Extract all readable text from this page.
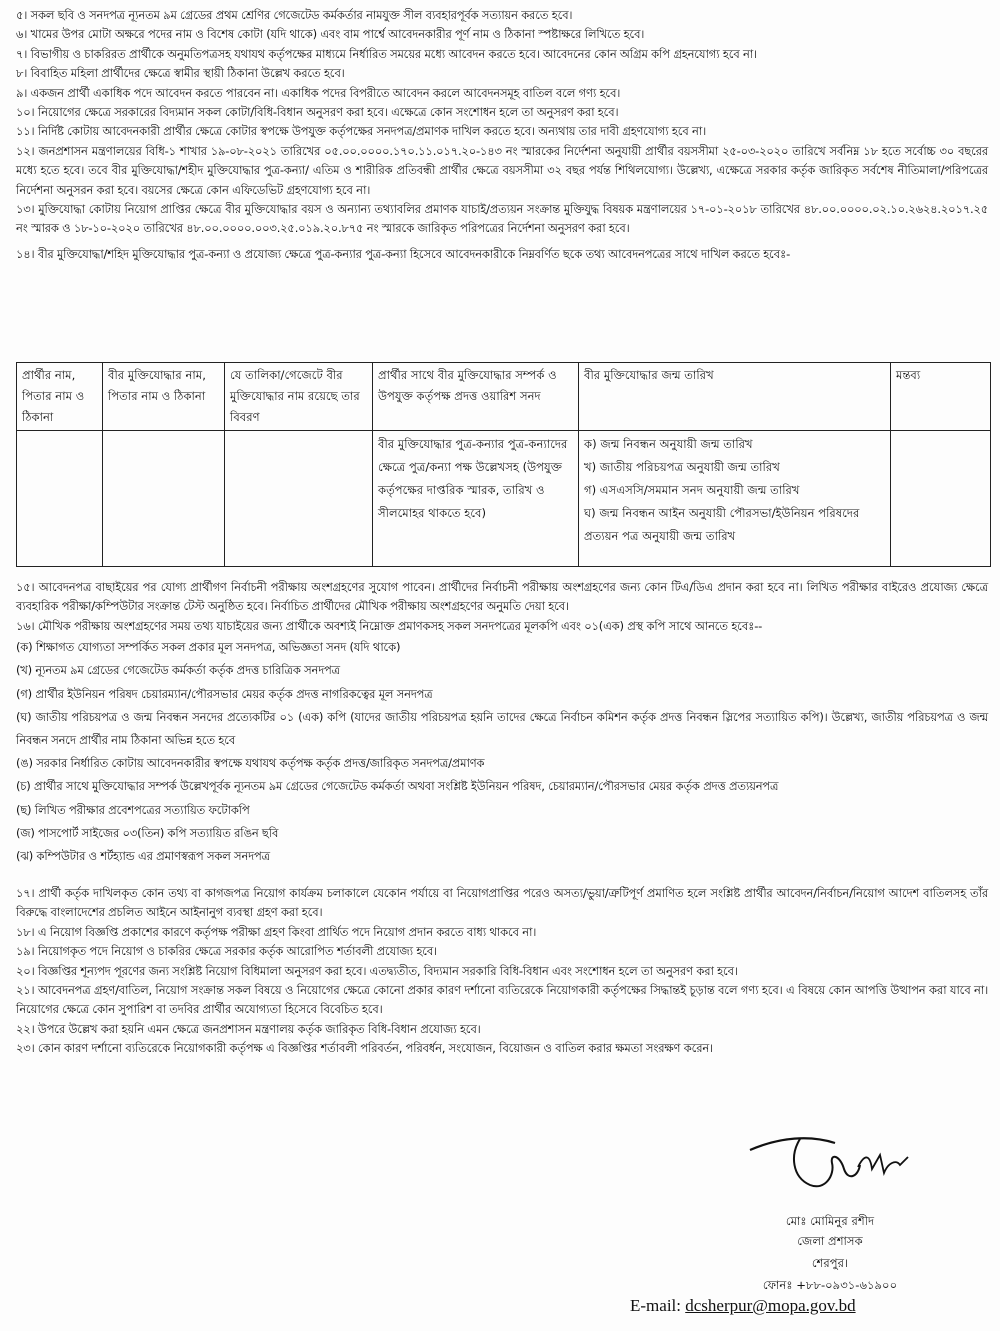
৫। সকল ছবি ও সনদপত্র ন্যূনতম ৯ম গ্রেডের প্রথম শ্রেণির গেজেটেড কর্মকর্তার নামযুক্ত সীল ব্যবহারপূর্বক সত্যায়ন করতে হবে।

৬। খামের উপর মোটা অক্ষরে পদের নাম ও বিশেষ কোটা (যদি থাকে) এবং বাম পার্শ্বে আবেদনকারীর পূর্ণ নাম ও ঠিকানা স্পষ্টাক্ষরে লিখিতে হবে।

৭। বিভাগীয় ও চাকরিরত প্রার্থীকে অনুমতিপত্রসহ যথাযথ কর্তৃপক্ষের মাধ্যমে নির্ধারিত সময়ের মধ্যে আবেদন করতে হবে। আবেদনের কোন অগ্রিম কপি গ্রহনযোগ্য হবে না।

৮। বিবাহিত মহিলা প্রার্থীদের ক্ষেত্রে স্বামীর স্থায়ী ঠিকানা উল্লেখ করতে হবে।

৯। একজন প্রার্থী একাধিক পদে আবেদন করতে পারবেন না। একাধিক পদের বিপরীতে আবেদন করলে আবেদনসমূহ বাতিল বলে গণ্য হবে।

১০। নিয়োগের ক্ষেত্রে সরকারের বিদ্যমান সকল কোটা/বিধি-বিধান অনুসরণ করা হবে। এক্ষেত্রে কোন সংশোধন হলে তা অনুসরণ করা হবে।

১১। নির্দিষ্ট কোটায় আবেদনকারী প্রার্থীর ক্ষেত্রে কোটার স্বপক্ষে উপযুক্ত কর্তৃপক্ষের সনদপত্র/প্রমাণক দাখিল করতে হবে। অন্যথায় তার দাবী গ্রহণযোগ্য হবে না।

১২। জনপ্রশাসন মন্ত্রণালয়ের বিধি-১ শাখার ১৯-০৮-২০২১ তারিখের ০৫.০০.০০০০.১৭০.১১.০১৭.২০-১৪৩ নং স্মারকের নির্দেশনা অনুযায়ী প্রার্থীর বয়সসীমা ২৫-০৩-২০২০ তারিখে সর্বনিম্ন ১৮ হতে সর্বোচ্চ ৩০ বছরের মধ্যে হতে হবে। তবে বীর মুক্তিযোদ্ধা/শহীদ মুক্তিযোদ্ধার পুত্র-কন্যা/ এতিম ও শারীরিক প্রতিবন্ধী প্রার্থীর ক্ষেত্রে বয়সসীমা ৩২ বছর পর্যন্ত শিথিলযোগ্য। উল্লেখ্য, এক্ষেত্রে সরকার কর্তৃক জারিকৃত সর্বশেষ নীতিমালা/পরিপত্রের নির্দেশনা অনুসরন করা হবে। বয়সের ক্ষেত্রে কোন এফিডেভিট গ্রহণযোগ্য হবে না।

১৩। মুক্তিযোদ্ধা কোটায় নিয়োগ প্রাপ্তির ক্ষেত্রে বীর মুক্তিযোদ্ধার বয়স ও অন্যান্য তথ্যাবলির প্রমাণক যাচাই/প্রত্যয়ন সংক্রান্ত মুক্তিযুদ্ধ বিষয়ক মন্ত্রণালয়ের ১৭-০১-২০১৮ তারিখের ৪৮.০০.০০০০.০২.১০.২৬২৪.২০১৭.২৫ নং স্মারক ও ১৮-১০-২০২০ তারিখের ৪৮.০০.০০০০.০০৩.২৫.০১৯.২০.৮৭৫ নং স্মারকে জারিকৃত পরিপত্রের নির্দেশনা অনুসরণ করা হবে।

১৪। বীর মুক্তিযোদ্ধা/শহিদ মুক্তিযোদ্ধার পুত্র-কন্যা ও প্রযোজ্য ক্ষেত্রে পুত্র-কন্যার পুত্র-কন্যা হিসেবে আবেদনকারীকে নিম্নবর্ণিত ছকে তথ্য আবেদনপত্রের সাথে দাখিল করতে হবেঃ-

প্রার্থীর নাম, পিতার নাম ও ঠিকানা	বীর মুক্তিযোদ্ধার নাম, পিতার নাম ও ঠিকানা	যে তালিকা/গেজেটে বীর মুক্তিযোদ্ধার নাম রয়েছে তার বিবরণ	প্রার্থীর সাথে বীর মুক্তিযোদ্ধার সম্পর্ক ও উপযুক্ত কর্তৃপক্ষ প্রদত্ত ওয়ারিশ সনদ	বীর মুক্তিযোদ্ধার জন্ম তারিখ	মন্তব্য
			বীর মুক্তিযোদ্ধার পুত্র-কন্যার পুত্র-কন্যাদের ক্ষেত্রে পুত্র/কন্যা পক্ষ উল্লেখসহ (উপযুক্ত কর্তৃপক্ষের দাপ্তরিক স্মারক, তারিখ ও সীলমোহর থাকতে হবে)	ক) জন্ম নিবন্ধন অনুযায়ী জন্ম তারিখ
খ) জাতীয় পরিচয়পত্র অনুযায়ী জন্ম তারিখ
গ) এসএসসি/সমমান সনদ অনুযায়ী জন্ম তারিখ
ঘ) জন্ম নিবন্ধন আইন অনুযায়ী পৌরসভা/ইউনিয়ন পরিষদের প্রত্যয়ন পত্র অনুযায়ী জন্ম তারিখ	

১৫। আবেদনপত্র বাছাইয়ের পর যোগ্য প্রার্থীগণ নির্বাচনী পরীক্ষায় অংশগ্রহণের সুযোগ পাবেন। প্রার্থীদের নির্বাচনী পরীক্ষায় অংশগ্রহণের জন্য কোন টিএ/ডিএ প্রদান করা হবে না। লিখিত পরীক্ষার বাইরেও প্রযোজ্য ক্ষেত্রে ব্যবহারিক পরীক্ষা/কম্পিউটার সংক্রান্ত টেস্ট অনুষ্ঠিত হবে। নির্বাচিত প্রার্থীদের মৌখিক পরীক্ষায় অংশগ্রহণের অনুমতি দেয়া হবে।

১৬। মৌখিক পরীক্ষায় অংশগ্রহণের সময় তথ্য যাচাইয়ের জন্য প্রার্থীকে অবশ্যই নিম্নোক্ত প্রমাণকসহ সকল সনদপত্রের মূলকপি এবং ০১(এক) প্রস্থ কপি সাথে আনতে হবেঃ--

(ক) শিক্ষাগত যোগ্যতা সম্পর্কিত সকল প্রকার মূল সনদপত্র, অভিজ্ঞতা সনদ (যদি থাকে)

(খ) ন্যূনতম ৯ম গ্রেডের গেজেটেড কর্মকর্তা কর্তৃক প্রদত্ত চারিত্রিক সনদপত্র

(গ) প্রার্থীর ইউনিয়ন পরিষদ চেয়ারম্যান/পৌরসভার মেয়র কর্তৃক প্রদত্ত নাগরিকত্বের মূল সনদপত্র

(ঘ) জাতীয় পরিচয়পত্র ও জন্ম নিবন্ধন সনদের প্রত্যেকটির ০১ (এক) কপি (যাদের জাতীয় পরিচয়পত্র হয়নি তাদের ক্ষেত্রে নির্বাচন কমিশন কর্তৃক প্রদত্ত নিবন্ধন স্লিপের সত্যায়িত কপি)। উল্লেখ্য, জাতীয় পরিচয়পত্র ও জন্ম নিবন্ধন সনদে প্রার্থীর নাম ঠিকানা অভিন্ন হতে হবে

(ঙ) সরকার নির্ধারিত কোটায় আবেদনকারীর স্বপক্ষে যথাযথ কর্তৃপক্ষ কর্তৃক প্রদত্ত/জারিকৃত সনদপত্র/প্রমাণক

(চ) প্রার্থীর সাথে মুক্তিযোদ্ধার সম্পর্ক উল্লেখপূর্বক ন্যূনতম ৯ম গ্রেডের গেজেটেড কর্মকর্তা অথবা সংশ্লিষ্ট ইউনিয়ন পরিষদ, চেয়ারম্যান/পৌরসভার মেয়র কর্তৃক প্রদত্ত প্রত্যয়নপত্র

(ছ) লিখিত পরীক্ষার প্রবেশপত্রের সত্যায়িত ফটোকপি

(জ) পাসপোর্ট সাইজের ০৩(তিন) কপি সত্যায়িত রঙিন ছবি

(ঝ) কম্পিউটার ও শর্টহ্যান্ড এর প্রমাণস্বরূপ সকল সনদপত্র

১৭। প্রার্থী কর্তৃক দাখিলকৃত কোন তথ্য বা কাগজপত্র নিয়োগ কার্যক্রম চলাকালে যেকোন পর্যায়ে বা নিয়োগপ্রাপ্তির পরেও অসত্য/ভুয়া/ত্রুটিপূর্ণ প্রমাণিত হলে সংশ্লিষ্ট প্রার্থীর আবেদন/নির্বাচন/নিয়োগ আদেশ বাতিলসহ তাঁর বিরুদ্ধে বাংলাদেশের প্রচলিত আইনে আইনানুগ ব্যবস্থা গ্রহণ করা হবে।

১৮। এ নিয়োগ বিজ্ঞপ্তি প্রকাশের কারণে কর্তৃপক্ষ পরীক্ষা গ্রহণ কিংবা প্রার্থিত পদে নিয়োগ প্রদান করতে বাধ্য থাকবে না।

১৯। নিয়োগকৃত পদে নিয়োগ ও চাকরির ক্ষেত্রে সরকার কর্তৃক আরোপিত শর্তাবলী প্রযোজ্য হবে।

২০। বিজ্ঞপ্তির শূন্যপদ পূরণের জন্য সংশ্লিষ্ট নিয়োগ বিধিমালা অনুসরণ করা হবে। এতদ্ব্যতীত, বিদ্যমান সরকারি বিধি-বিধান এবং সংশোধন হলে তা অনুসরণ করা হবে।

২১। আবেদনপত্র গ্রহণ/বাতিল, নিয়োগ সংক্রান্ত সকল বিষয়ে ও নিয়োগের ক্ষেত্রে কোনো প্রকার কারণ দর্শানো ব্যতিরেকে নিয়োগকারী কর্তৃপক্ষের সিদ্ধান্তই চূড়ান্ত বলে গণ্য হবে। এ বিষয়ে কোন আপত্তি উত্থাপন করা যাবে না। নিয়োগের ক্ষেত্রে কোন সুপারিশ বা তদবির প্রার্থীর অযোগ্যতা হিসেবে বিবেচিত হবে।

২২। উপরে উল্লেখ করা হয়নি এমন ক্ষেত্রে জনপ্রশাসন মন্ত্রণালয় কর্তৃক জারিকৃত বিধি-বিধান প্রযোজ্য হবে।

২৩। কোন কারণ দর্শানো ব্যতিরেকে নিয়োগকারী কর্তৃপক্ষ এ বিজ্ঞপ্তির শর্তাবলী পরিবর্তন, পরিবর্ধন, সংযোজন, বিয়োজন ও বাতিল করার ক্ষমতা সংরক্ষণ করেন।

মোঃ মোমিনুর রশীদ
জেলা প্রশাসক
শেরপুর।
ফোনঃ +৮৮-০৯৩১-৬১৯০০
E-mail: dcsherpur@mopa.gov.bd
